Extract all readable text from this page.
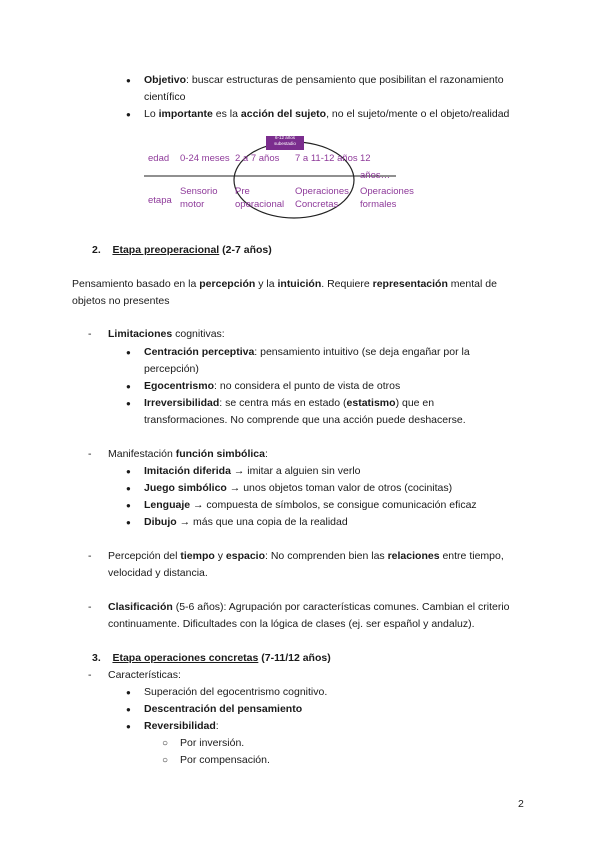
● Objetivo: buscar estructuras de pensamiento que posibilitan el razonamiento
científico
● Lo importante es la acción del sujeto, no el sujeto/mente o el objeto/realidad
6-12 años
subestadio
edad 0-24 meses 2 a 7 años 7 a 11-12 años 12 años…
etapa
Sensorio
motor
Pre
operacional
Operaciones
Concretas
Operaciones
formales
2. Etapa preoperacional (2-7 años)
Pensamiento basado en la percepción y la intuición. Requiere representación mental de
objetos no presentes
- Limitaciones cognitivas:
● Centración perceptiva: pensamiento intuitivo (se deja engañar por la
percepción)
● Egocentrismo: no considera el punto de vista de otros
● Irreversibilidad: se centra más en estado (estatismo) que en
transformaciones. No comprende que una acción puede deshacerse.
- Manifestación función simbólica:
● Imitación diferida → imitar a alguien sin verlo
● Juego simbólico → unos objetos toman valor de otros (cocinitas)
● Lenguaje → compuesta de símbolos, se consigue comunicación eficaz
● Dibujo → más que una copia de la realidad
- Percepción del tiempo y espacio: No comprenden bien las relaciones entre tiempo,
velocidad y distancia.
- Clasificación (5-6 años): Agrupación por características comunes. Cambian el criterio
continuamente. Dificultades con la lógica de clases (ej. ser español y andaluz).
3. Etapa operaciones concretas (7-11/12 años)
- Características:
● Superación del egocentrismo cognitivo.
● Descentración del pensamiento
● Reversibilidad:
○ Por inversión.
○ Por compensación.
2
